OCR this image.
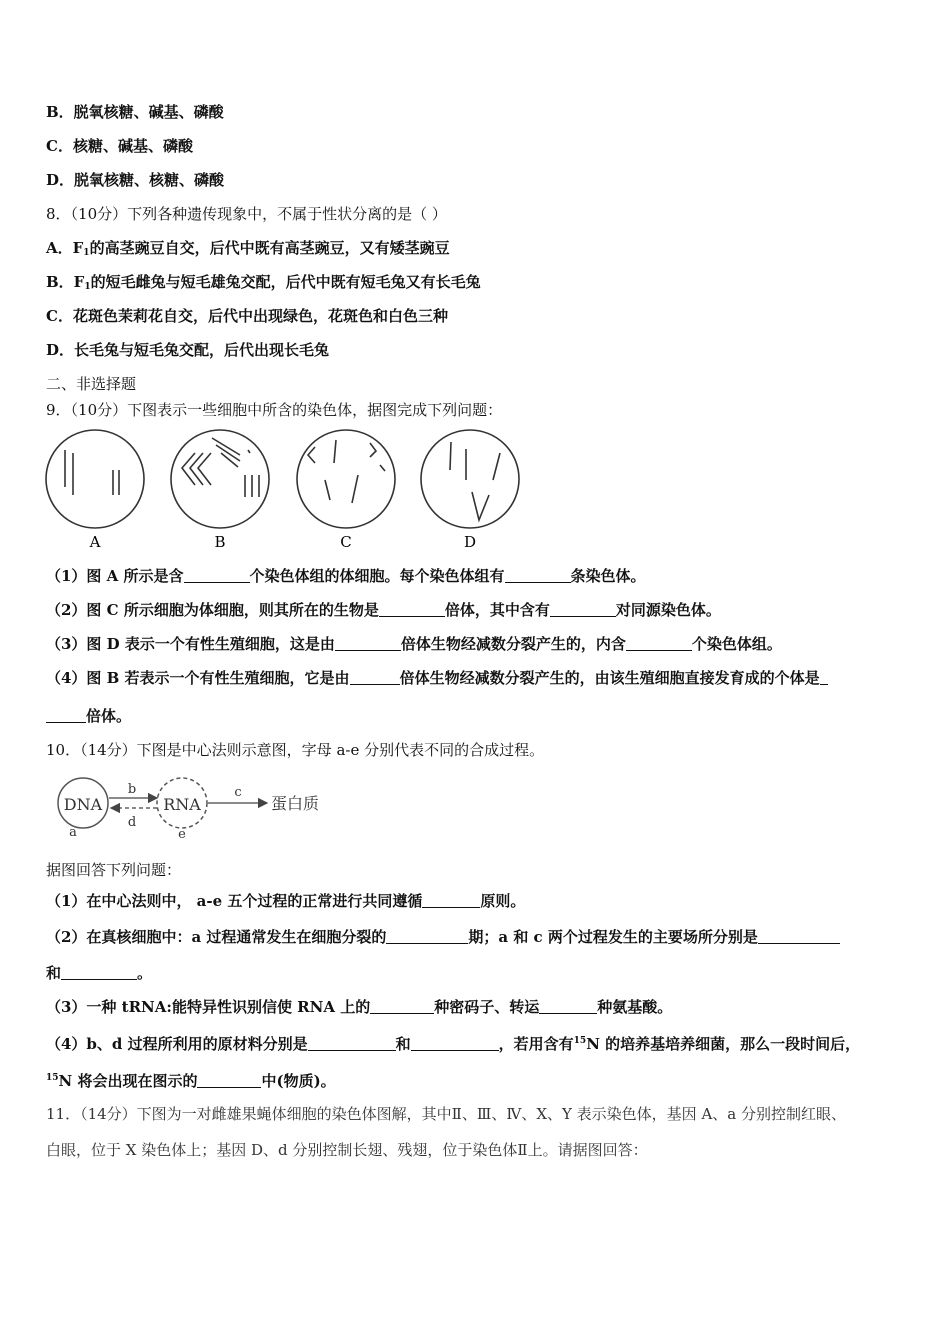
B．脱氧核糖、碱基、磷酸
C．核糖、碱基、磷酸
D．脱氧核糖、核糖、磷酸
8．（10分）下列各种遗传现象中，不属于性状分离的是（ ）
A．$F_1$的高茎豌豆自交，后代中既有高茎豌豆，又有矮茎豌豆
B．$F_1$的短毛雌兔与短毛雄兔交配，后代中既有短毛兔又有长毛兔
C．花斑色茉莉花自交，后代中出现绿色，花斑色和白色三种
D．长毛兔与短毛兔交配，后代出现长毛兔
二、非选择题
9．（10分）下图表示一些细胞中所含的染色体，据图完成下列问题：
A	B	C	D
（1）图 A 所示是含	个染色体组的体细胞。每个染色体组有	条染色体。
（2）图 C 所示细胞为体细胞，则其所在的生物是	倍体，其中含有	对同源染色体。
（3）图 D 表示一个有性生殖细胞，这是由	倍体生物经减数分裂产生的，内含	个染色体组。
（4）图 B 若表示一个有性生殖细胞，它是由	倍体生物经减数分裂产生的，由该生殖细胞直接发育成的个体是
倍体。
10．（14分）下图是中心法则示意图，字母 a-e 分别代表不同的合成过程。
DNA	RNA
b
d
c
a	e
蛋白质
据图回答下列问题：
（1）在中心法则中， a-e 五个过程的正常进行共同遵循	原则。
（2）在真核细胞中：a 过程通常发生在细胞分裂的	期；a 和 c 两个过程发生的主要场所分别是
和	。
（3）一种 tRNA:能特异性识别信使 RNA 上的	种密码子、转运	种氨基酸。
（4）b、d 过程所利用的原材料分别是	和	，若用含有$^{15}$N 的培养基培养细菌，那么一段时间后，
$^{15}$N 将会出现在图示的	中(物质)。
11．（14分）下图为一对雌雄果蝇体细胞的染色体图解，其中Ⅱ、Ⅲ、Ⅳ、X、Y 表示染色体，基因 A、a 分别控制红眼、
白眼，位于 X 染色体上；基因 D、d 分别控制长翅、残翅，位于染色体Ⅱ上。请据图回答：
